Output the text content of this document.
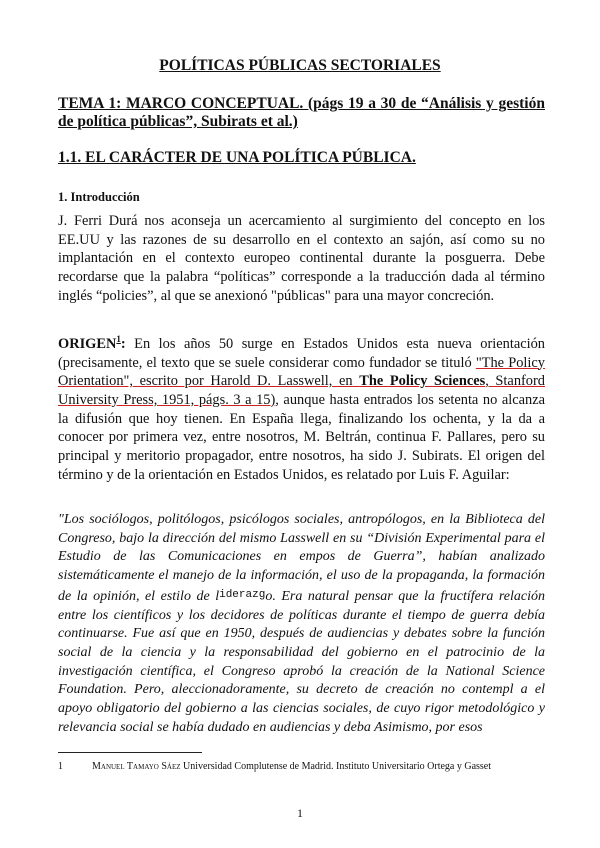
POLÍTICAS PÚBLICAS SECTORIALES

TEMA 1: MARCO CONCEPTUAL. (págs 19 a 30 de “Análisis y gestión de política públicas”, Subirats et al.)

1.1. EL CARÁCTER DE UNA POLÍTICA PÚBLICA.
1. Introducción

J. Ferri Durá nos aconseja un acercamiento al surgimiento del concepto en los EE.UU y las razones de su desarrollo en el contexto an sajón, así como su no implantación en el contexto europeo continental durante la posguerra. Debe recordarse que la palabra “políticas” corresponde a la traducción dada al término inglés “policies”, al que se anexionó "públicas" para una mayor concreción.

ORIGEN$^1$: En los años 50 surge en Estados Unidos esta nueva orientación (precisamente, el texto que se suele considerar como fundador se tituló "The Policy Orientation", escrito por Harold D. Lasswell, en The Policy Sciences, Stanford University Press, 1951, págs. 3 a 15), aunque hasta entrados los setenta no alcanza la difusión que hoy tienen. En España llega, finalizando los ochenta, y la da a conocer por primera vez, entre nosotros, M. Beltrán, continua F. Pallares, pero su principal y meritorio propagador, entre nosotros, ha sido J. Subirats. El origen del término y de la orientación en Estados Unidos, es relatado por Luis F. Aguilar:

"Los sociólogos, politólogos, psicólogos sociales, antropólogos, en la Biblioteca del Congreso, bajo la dirección del mismo Lasswell en su “División Experimental para el Estudio de las Comunicaciones en empos de Guerra”, habían analizado sistemáticamente el manejo de la información, el uso de la propaganda, la formación de la opinión, el estilo de $l^{iderazg}o$. Era natural pensar que la fructífera relación entre los científicos y los decidores de políticas durante el tiempo de guerra debía continuarse. Fue así que en 1950, después de audiencias y debates sobre la función social de la ciencia y la responsabilidad del gobierno en el patrocinio de la investigación científica, el Congreso aprobó la creación de la National Science Foundation. Pero, aleccionadoramente, su decreto de creación no contempl a el apoyo obligatorio del gobierno a las ciencias sociales, de cuyo rigor metodológico y relevancia social se había dudado en audiencias y deba Asimismo, por esos

1	Manuel Tamayo Sáez Universidad Complutense de Madrid. Instituto Universitario Ortega y Gasset

1
